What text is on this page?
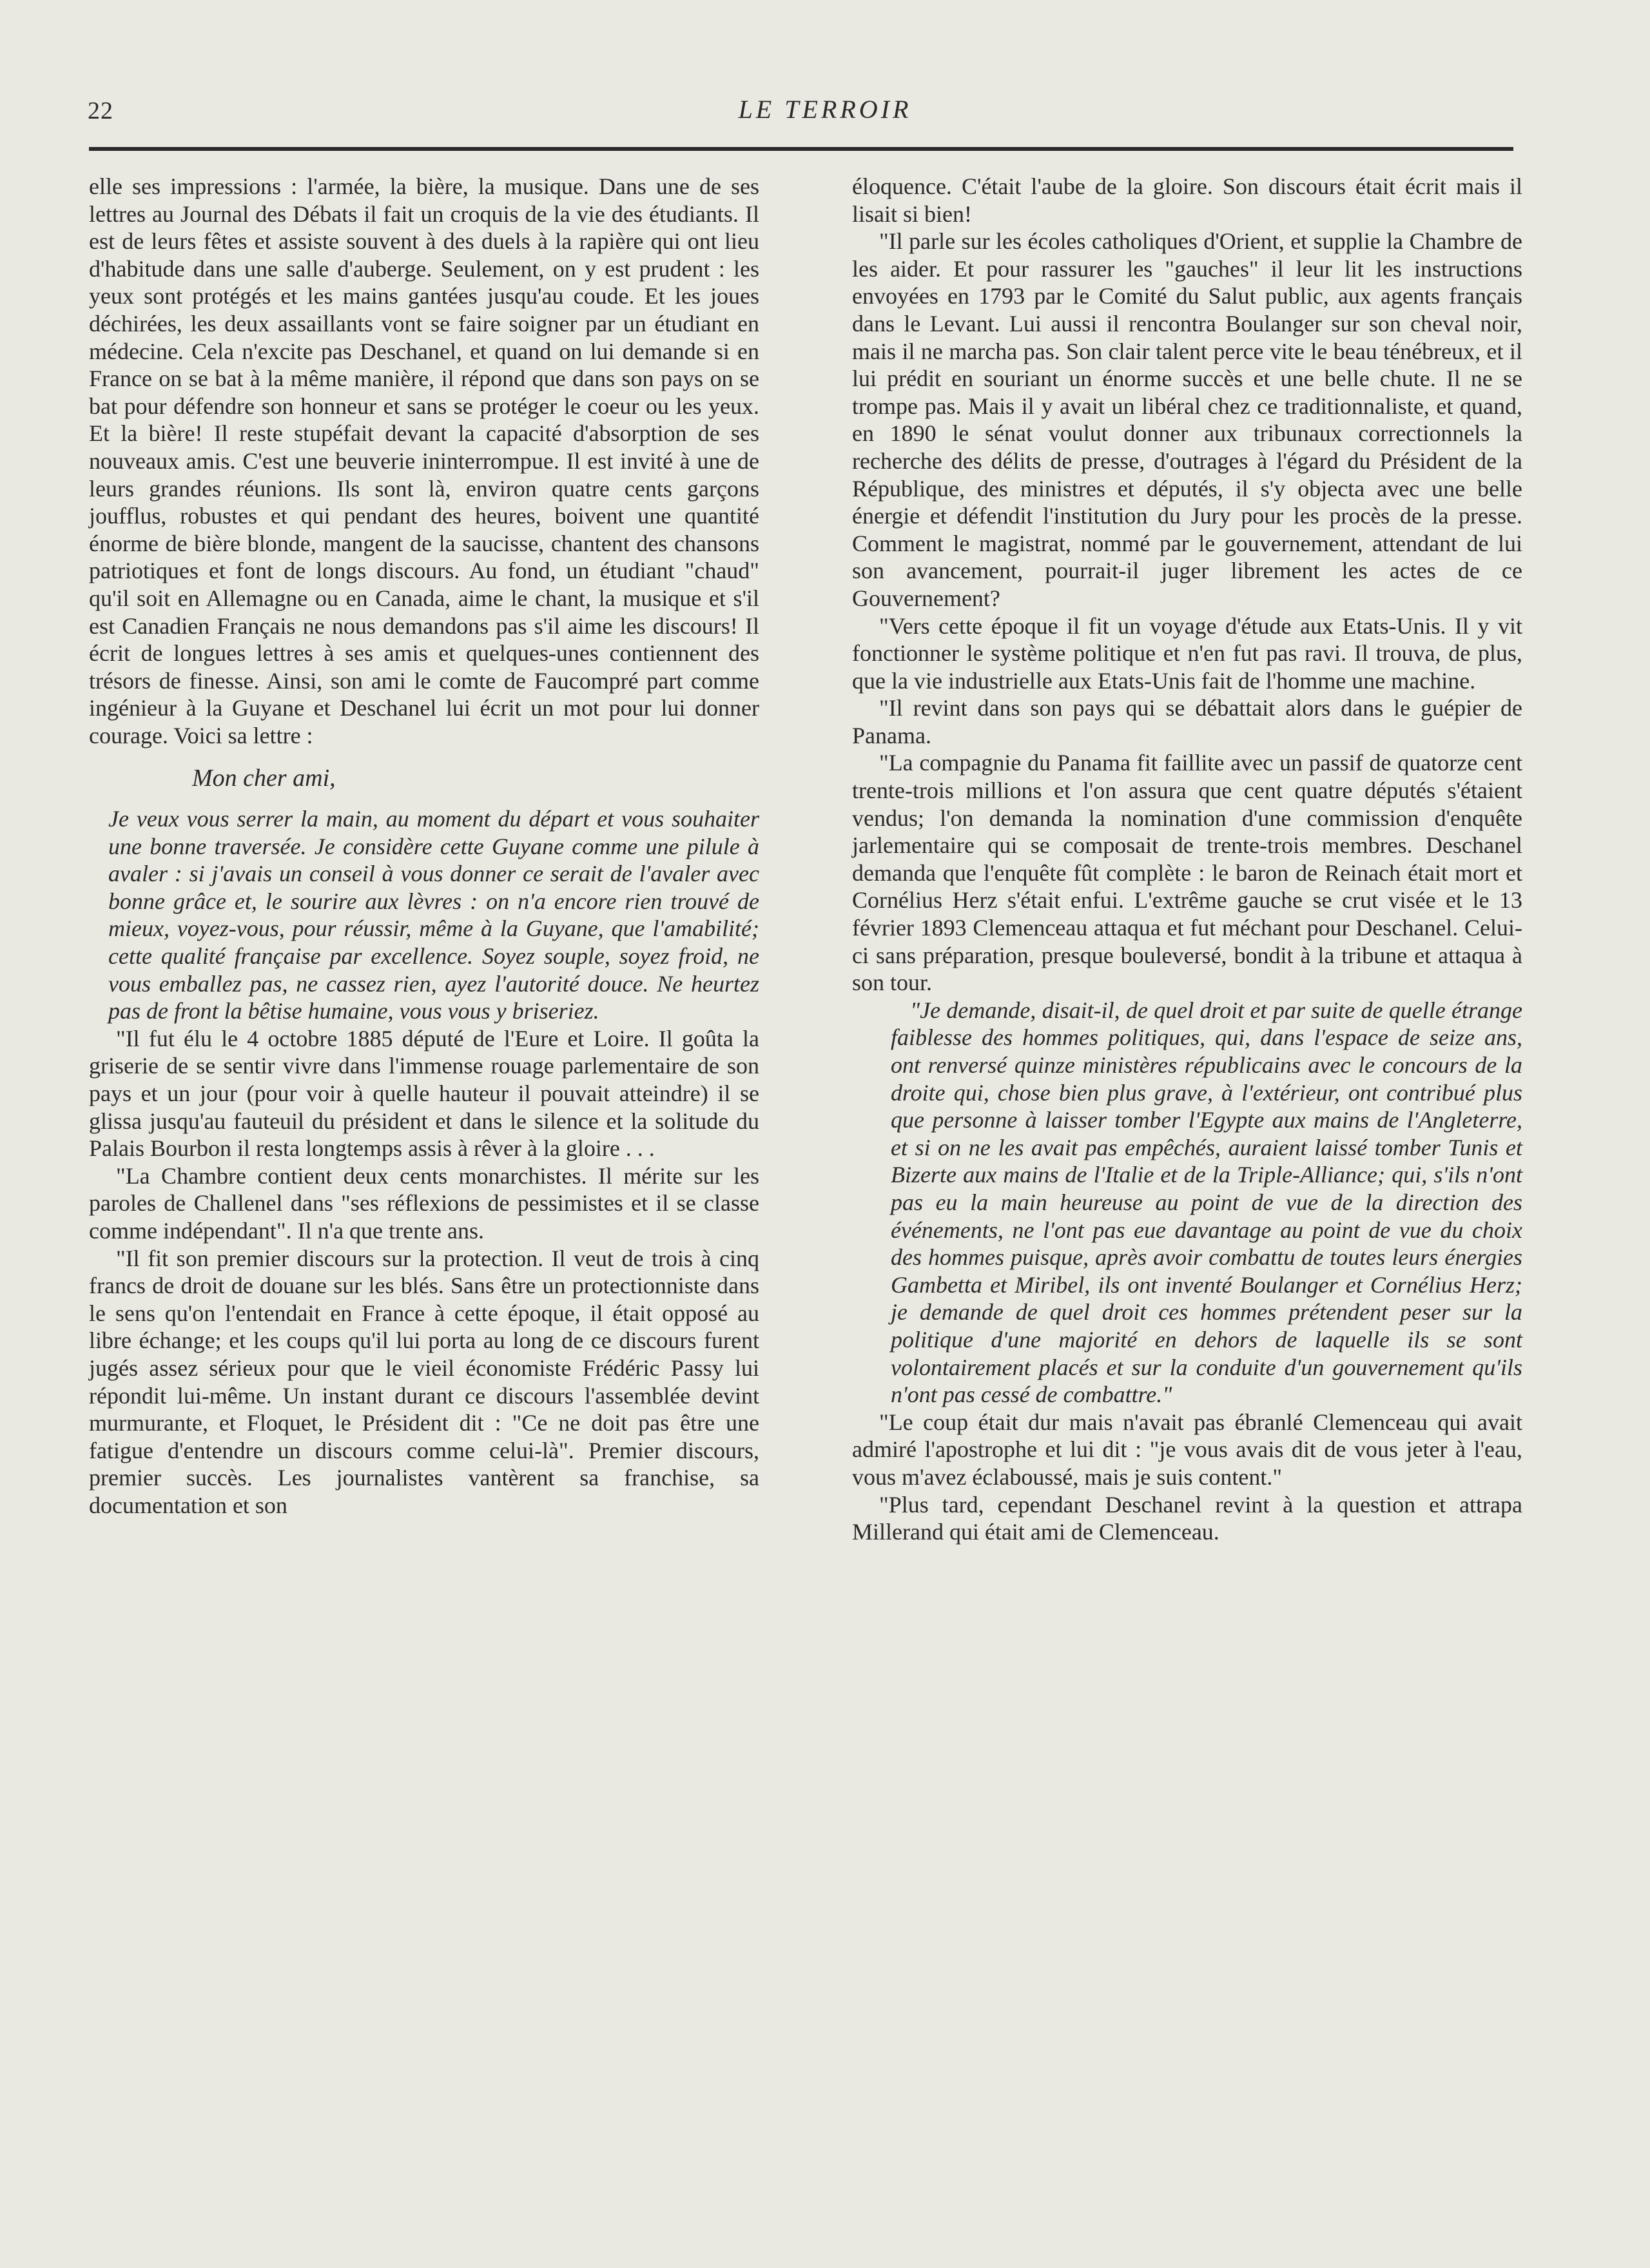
22	LE TERROIR

elle ses impressions : l'armée, la bière, la musique. Dans une de ses lettres au Journal des Débats il fait un croquis de la vie des étudiants. Il est de leurs fêtes et assiste souvent à des duels à la rapière qui ont lieu d'habitude dans une salle d'auberge. Seulement, on y est prudent : les yeux sont protégés et les mains gantées jusqu'au coude. Et les joues déchirées, les deux assaillants vont se faire soigner par un étudiant en médecine. Cela n'excite pas Deschanel, et quand on lui demande si en France on se bat à la même manière, il répond que dans son pays on se bat pour défendre son honneur et sans se protéger le coeur ou les yeux. Et la bière! Il reste stupéfait devant la capacité d'absorption de ses nouveaux amis. C'est une beuverie ininterrompue. Il est invité à une de leurs grandes réunions. Ils sont là, environ quatre cents garçons joufflus, robustes et qui pendant des heures, boivent une quantité énorme de bière blonde, mangent de la saucisse, chantent des chansons patriotiques et font de longs discours. Au fond, un étudiant "chaud" qu'il soit en Allemagne ou en Canada, aime le chant, la musique et s'il est Canadien Français ne nous demandons pas s'il aime les discours! Il écrit de longues lettres à ses amis et quelques-unes contiennent des trésors de finesse. Ainsi, son ami le comte de Faucompré part comme ingénieur à la Guyane et Deschanel lui écrit un mot pour lui donner courage. Voici sa lettre :

Mon cher ami,

Je veux vous serrer la main, au moment du départ et vous souhaiter une bonne traversée. Je considère cette Guyane comme une pilule à avaler : si j'avais un conseil à vous donner ce serait de l'avaler avec bonne grâce et, le sourire aux lèvres : on n'a encore rien trouvé de mieux, voyez-vous, pour réussir, même à la Guyane, que l'amabilité; cette qualité française par excellence. Soyez souple, soyez froid, ne vous emballez pas, ne cassez rien, ayez l'autorité douce. Ne heurtez pas de front la bêtise humaine, vous vous y briseriez.

"Il fut élu le 4 octobre 1885 député de l'Eure et Loire. Il goûta la griserie de se sentir vivre dans l'immense rouage parlementaire de son pays et un jour (pour voir à quelle hauteur il pouvait atteindre) il se glissa jusqu'au fauteuil du président et dans le silence et la solitude du Palais Bourbon il resta longtemps assis à rêver à la gloire . . .

"La Chambre contient deux cents monarchistes. Il mérite sur les paroles de Challenel dans "ses réflexions de pessimistes et il se classe comme indépendant". Il n'a que trente ans.

"Il fit son premier discours sur la protection. Il veut de trois à cinq francs de droit de douane sur les blés. Sans être un protectionniste dans le sens qu'on l'entendait en France à cette époque, il était opposé au libre échange; et les coups qu'il lui porta au long de ce discours furent jugés assez sérieux pour que le vieil économiste Frédéric Passy lui répondit lui-même. Un instant durant ce discours l'assemblée devint murmurante, et Floquet, le Président dit : "Ce ne doit pas être une fatigue d'entendre un discours comme celui-là". Premier discours, premier succès. Les journalistes vantèrent sa franchise, sa documentation et son

éloquence. C'était l'aube de la gloire. Son discours était écrit mais il lisait si bien!

"Il parle sur les écoles catholiques d'Orient, et supplie la Chambre de les aider. Et pour rassurer les "gauches" il leur lit les instructions envoyées en 1793 par le Comité du Salut public, aux agents français dans le Levant. Lui aussi il rencontra Boulanger sur son cheval noir, mais il ne marcha pas. Son clair talent perce vite le beau ténébreux, et il lui prédit en souriant un énorme succès et une belle chute. Il ne se trompe pas. Mais il y avait un libéral chez ce traditionnaliste, et quand, en 1890 le sénat voulut donner aux tribunaux correctionnels la recherche des délits de presse, d'outrages à l'égard du Président de la République, des ministres et députés, il s'y objecta avec une belle énergie et défendit l'institution du Jury pour les procès de la presse. Comment le magistrat, nommé par le gouvernement, attendant de lui son avancement, pourrait-il juger librement les actes de ce Gouvernement?

"Vers cette époque il fit un voyage d'étude aux Etats-Unis. Il y vit fonctionner le système politique et n'en fut pas ravi. Il trouva, de plus, que la vie industrielle aux Etats-Unis fait de l'homme une machine.

"Il revint dans son pays qui se débattait alors dans le guépier de Panama.

"La compagnie du Panama fit faillite avec un passif de quatorze cent trente-trois millions et l'on assura que cent quatre députés s'étaient vendus; l'on demanda la nomination d'une commission d'enquête jarlementaire qui se composait de trente-trois membres. Deschanel demanda que l'enquête fût complète : le baron de Reinach était mort et Cornélius Herz s'était enfui. L'extrême gauche se crut visée et le 13 février 1893 Clemenceau attaqua et fut méchant pour Deschanel. Celui-ci sans préparation, presque bouleversé, bondit à la tribune et attaqua à son tour.

"Je demande, disait-il, de quel droit et par suite de quelle étrange faiblesse des hommes politiques, qui, dans l'espace de seize ans, ont renversé quinze ministères républicains avec le concours de la droite qui, chose bien plus grave, à l'extérieur, ont contribué plus que personne à laisser tomber l'Egypte aux mains de l'Angleterre, et si on ne les avait pas empêchés, auraient laissé tomber Tunis et Bizerte aux mains de l'Italie et de la Triple-Alliance; qui, s'ils n'ont pas eu la main heureuse au point de vue de la direction des événements, ne l'ont pas eue davantage au point de vue du choix des hommes puisque, après avoir combattu de toutes leurs énergies Gambetta et Miribel, ils ont inventé Boulanger et Cornélius Herz; je demande de quel droit ces hommes prétendent peser sur la politique d'une majorité en dehors de laquelle ils se sont volontairement placés et sur la conduite d'un gouvernement qu'ils n'ont pas cessé de combattre."

"Le coup était dur mais n'avait pas ébranlé Clemenceau qui avait admiré l'apostrophe et lui dit : "je vous avais dit de vous jeter à l'eau, vous m'avez éclaboussé, mais je suis content."

"Plus tard, cependant Deschanel revint à la question et attrapa Millerand qui était ami de Clemenceau.
